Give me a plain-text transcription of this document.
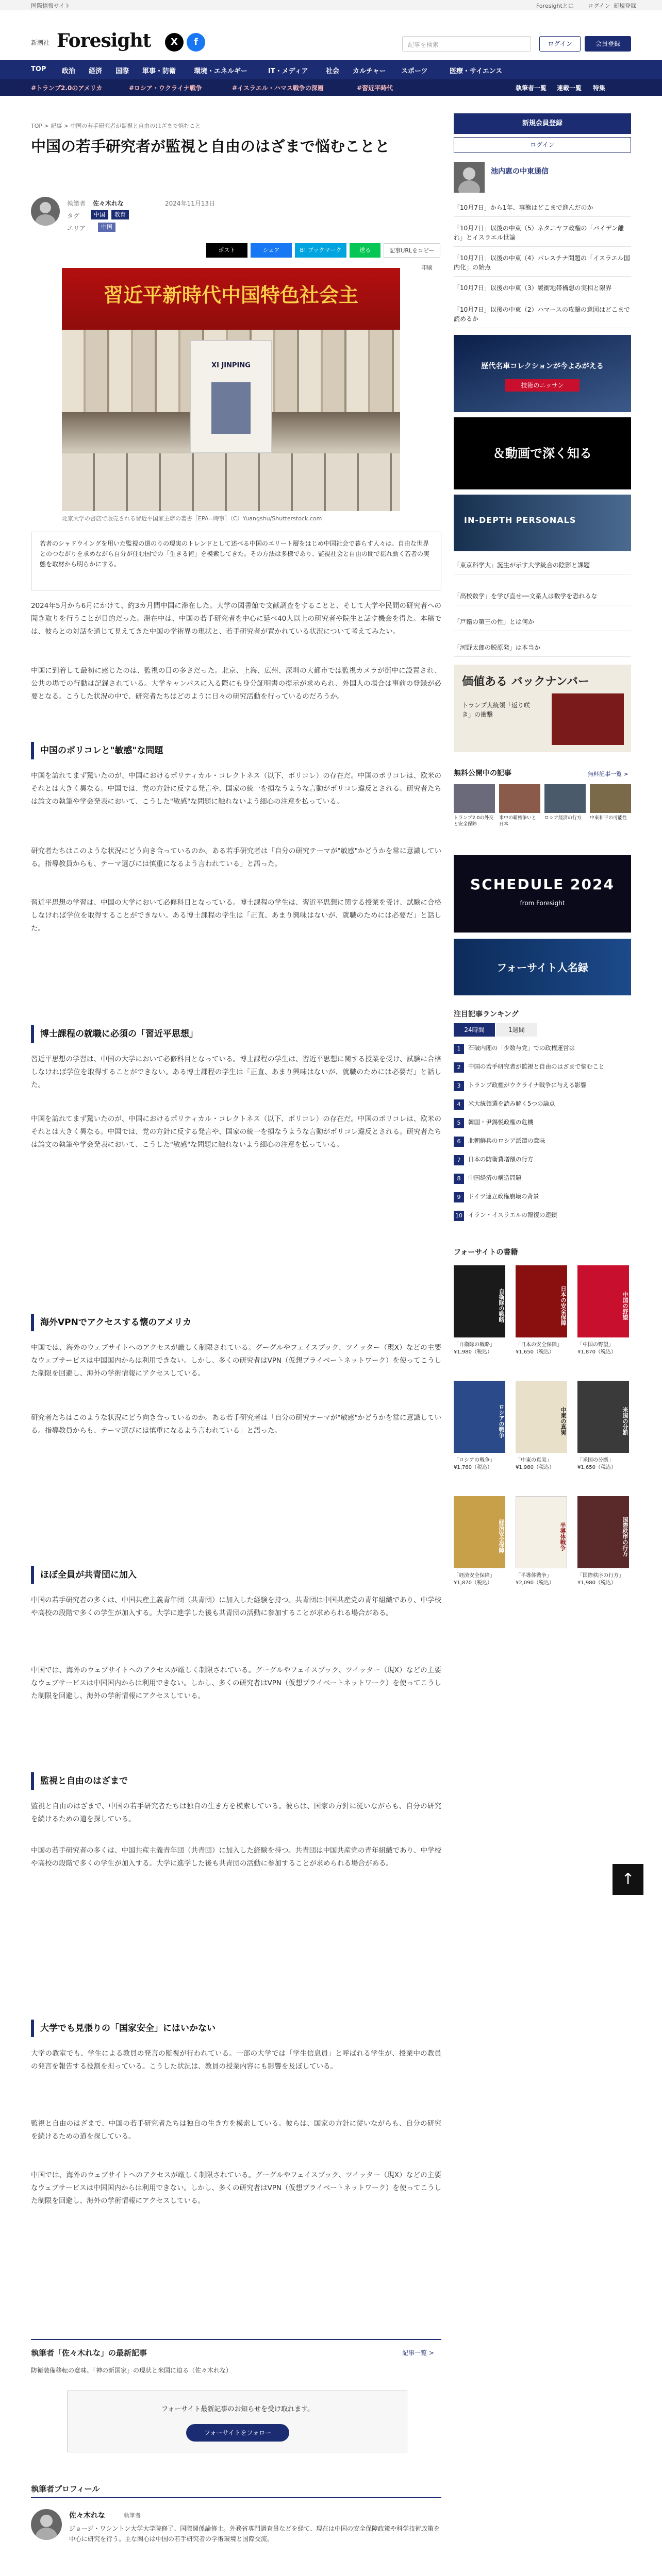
国際情報サイト	Foresightとは ログイン 新規登録
新潮社 Foresight	X	f	記事を検索	ログイン	会員登録
TOP 政治 経済 国際 軍事・防衛	環境・エネルギー	IT・メディア	社会 カルチャー スポーツ	医療・サイエンス
#トランプ2.0のアメリカ	#ロシア・ウクライナ戦争	#イスラエル・ハマス戦争の深層	#習近平時代	執筆者一覧 連載一覧 特集
TOP > 記事 > 中国の若手研究者が監視と自由のはざまで悩むこと
中国の若手研究者が監視と自由のはざまで悩むことと
執筆者 佐々木れな	2024年11月13日
タグ	中国	教育
エリア	中国
ポスト	シェア	B! ブックマーク	送る	記事URLをコピー
印刷
習近平新時代中国特色社会主
XI JINPING
北京大学の書店で販売される習近平国家主席の著書［EPA=時事］（C）Yuangshu/Shutterstock.com
若者のシャドウイングを用いた監視の道のりの現実のトレンドとして述べる中国のエリート層をはじめ中国社会で暮らす人々は、自由な世界とのつながりを求めながら自分が住む国での「生きる術」を模索してきた。その方法は多様であり、監視社会と自由の間で揺れ動く若者の実態を取材から明らかにする。

2024年5月から6月にかけて、約3カ月間中国に滞在した。大学の図書館で文献調査をすることと、そして大学や民間の研究者への聞き取りを行うことが目的だった。滞在中は、中国の若手研究者を中心に延べ40人以上の研究者や院生と話す機会を得た。本稿では、彼らとの対話を通じて見えてきた中国の学術界の現状と、若手研究者が置かれている状況について考えてみたい。

中国に到着して最初に感じたのは、監視の目の多さだった。北京、上海、広州、深圳の大都市では監視カメラが街中に設置され、公共の場での行動は記録されている。大学キャンパスに入る際にも身分証明書の提示が求められ、外国人の場合は事前の登録が必要となる。こうした状況の中で、研究者たちはどのように日々の研究活動を行っているのだろうか。

中国のポリコレと"敏感"な問題

中国を訪れてまず驚いたのが、中国におけるポリティカル・コレクトネス（以下、ポリコレ）の存在だ。中国のポリコレは、欧米のそれとは大きく異なる。中国では、党の方針に反する発言や、国家の統一を損なうような言動がポリコレ違反とされる。研究者たちは論文の執筆や学会発表において、こうした"敏感"な問題に触れないよう細心の注意を払っている。

研究者たちはこのような状況にどう向き合っているのか。ある若手研究者は「自分の研究テーマが"敏感"かどうかを常に意識している。指導教員からも、テーマ選びには慎重になるよう言われている」と語った。

習近平思想の学習は、中国の大学において必修科目となっている。博士課程の学生は、習近平思想に関する授業を受け、試験に合格しなければ学位を取得することができない。ある博士課程の学生は「正直、あまり興味はないが、就職のためには必要だ」と話した。

博士課程の就職に必須の「習近平思想」

習近平思想の学習は、中国の大学において必修科目となっている。博士課程の学生は、習近平思想に関する授業を受け、試験に合格しなければ学位を取得することができない。ある博士課程の学生は「正直、あまり興味はないが、就職のためには必要だ」と話した。

中国を訪れてまず驚いたのが、中国におけるポリティカル・コレクトネス（以下、ポリコレ）の存在だ。中国のポリコレは、欧米のそれとは大きく異なる。中国では、党の方針に反する発言や、国家の統一を損なうような言動がポリコレ違反とされる。研究者たちは論文の執筆や学会発表において、こうした"敏感"な問題に触れないよう細心の注意を払っている。

海外VPNでアクセスする懐のアメリカ

中国では、海外のウェブサイトへのアクセスが厳しく制限されている。グーグルやフェイスブック、ツイッター（現X）などの主要なウェブサービスは中国国内からは利用できない。しかし、多くの研究者はVPN（仮想プライベートネットワーク）を使ってこうした制限を回避し、海外の学術情報にアクセスしている。

研究者たちはこのような状況にどう向き合っているのか。ある若手研究者は「自分の研究テーマが"敏感"かどうかを常に意識している。指導教員からも、テーマ選びには慎重になるよう言われている」と語った。

ほぼ全員が共青団に加入

中国の若手研究者の多くは、中国共産主義青年団（共青団）に加入した経験を持つ。共青団は中国共産党の青年組織であり、中学校や高校の段階で多くの学生が加入する。大学に進学した後も共青団の活動に参加することが求められる場合がある。

中国では、海外のウェブサイトへのアクセスが厳しく制限されている。グーグルやフェイスブック、ツイッター（現X）などの主要なウェブサービスは中国国内からは利用できない。しかし、多くの研究者はVPN（仮想プライベートネットワーク）を使ってこうした制限を回避し、海外の学術情報にアクセスしている。

監視と自由のはざまで

監視と自由のはざまで、中国の若手研究者たちは独自の生き方を模索している。彼らは、国家の方針に従いながらも、自分の研究を続けるための道を探している。

中国の若手研究者の多くは、中国共産主義青年団（共青団）に加入した経験を持つ。共青団は中国共産党の青年組織であり、中学校や高校の段階で多くの学生が加入する。大学に進学した後も共青団の活動に参加することが求められる場合がある。

大学でも見張りの「国家安全」にはいかない

大学の教室でも、学生による教員の発言の監視が行われている。一部の大学では「学生信息員」と呼ばれる学生が、授業中の教員の発言を報告する役割を担っている。こうした状況は、教員の授業内容にも影響を及ぼしている。

監視と自由のはざまで、中国の若手研究者たちは独自の生き方を模索している。彼らは、国家の方針に従いながらも、自分の研究を続けるための道を探している。

中国では、海外のウェブサイトへのアクセスが厳しく制限されている。グーグルやフェイスブック、ツイッター（現X）などの主要なウェブサービスは中国国内からは利用できない。しかし、多くの研究者はVPN（仮想プライベートネットワーク）を使ってこうした制限を回避し、海外の学術情報にアクセスしている。

執筆者「佐々木れな」の最新記事	記事一覧 >
防衛装備移転の意味、「神の新国家」の現状と米国に迫る（佐々木れな）
フォーサイト最新記事のお知らせを受け取れます。
フォーサイトをフォロー
執筆者プロフィール
佐々木れな	執筆者
ジョージ・ワシントン大学大学院修了、国際関係論修士。外務省専門調査員などを経て、現在は中国の安全保障政策や科学技術政策を中心に研究を行う。主な関心は中国の若手研究者の学術環境と国際交流。
新規会員登録
ログイン
池内恵の中東通信
「10月7日」から1年、事態はどこまで進んだのか
「10月7日」以後の中東（5）ネタニヤフ政権の「バイデン離れ」とイスラエル世論
「10月7日」以後の中東（4）パレスチナ問題の「イスラエル国内化」の始点
「10月7日」以後の中東（3）緩衝地帯構想の実相と限界
「10月7日」以後の中東（2）ハマースの攻撃の意図はどこまで読めるか
歴代名車コレクションが今よみがえる
技術のニッサン
＆動画で深く知る
IN-DEPTH PERSONALS
「東京科学大」誕生が示す大学統合の陰影と課題
「高校数学」を学び直せ──文系人は数学を恐れるな
「戸籍の第三の性」とは何か
「河野太郎の脱原発」は本当か
価値ある バックナンバー
トランプ大統領「返り咲き」の衝撃
無料公開中の記事	無料記事一覧 >
トランプ2.0の外交と安全保障
米中の覇権争いと日本
ロシア経済の行方	中東和平の可能性
SCHEDULE 2024
from Foresight
フォーサイト人名録
注目記事ランキング
24時間	1週間
1	石破内閣の「少数与党」での政権運営は
2	中国の若手研究者が監視と自由のはざまで悩むこと
3	トランプ政権がウクライナ戦争に与える影響
4	米大統領選を読み解く5つの論点
5	韓国・尹錫悦政権の危機
6	北朝鮮兵のロシア派遣の意味
7	日本の防衛費増額の行方
8	中国経済の構造問題
9	ドイツ連立政権崩壊の背景
10 イラン・イスラエルの報復の連鎖
フォーサイトの書籍
自衛隊の戦略
「自衛隊の戦略」 ¥1,980（税込）
日本の安全保障
「日本の安全保障」 ¥1,650（税込）
中国の野望
「中国の野望」 ¥1,870（税込）
ロシアの戦争
「ロシアの戦争」 ¥1,760（税込）
中東の真実
「中東の真実」 ¥1,980（税込）
米国の分断
「米国の分断」 ¥1,650（税込）
経済安全保障
「経済安全保障」 ¥1,870（税込）
半導体戦争
「半導体戦争」 ¥2,090（税込）
国際秩序の行方
「国際秩序の行方」 ¥1,980（税込）
↑
